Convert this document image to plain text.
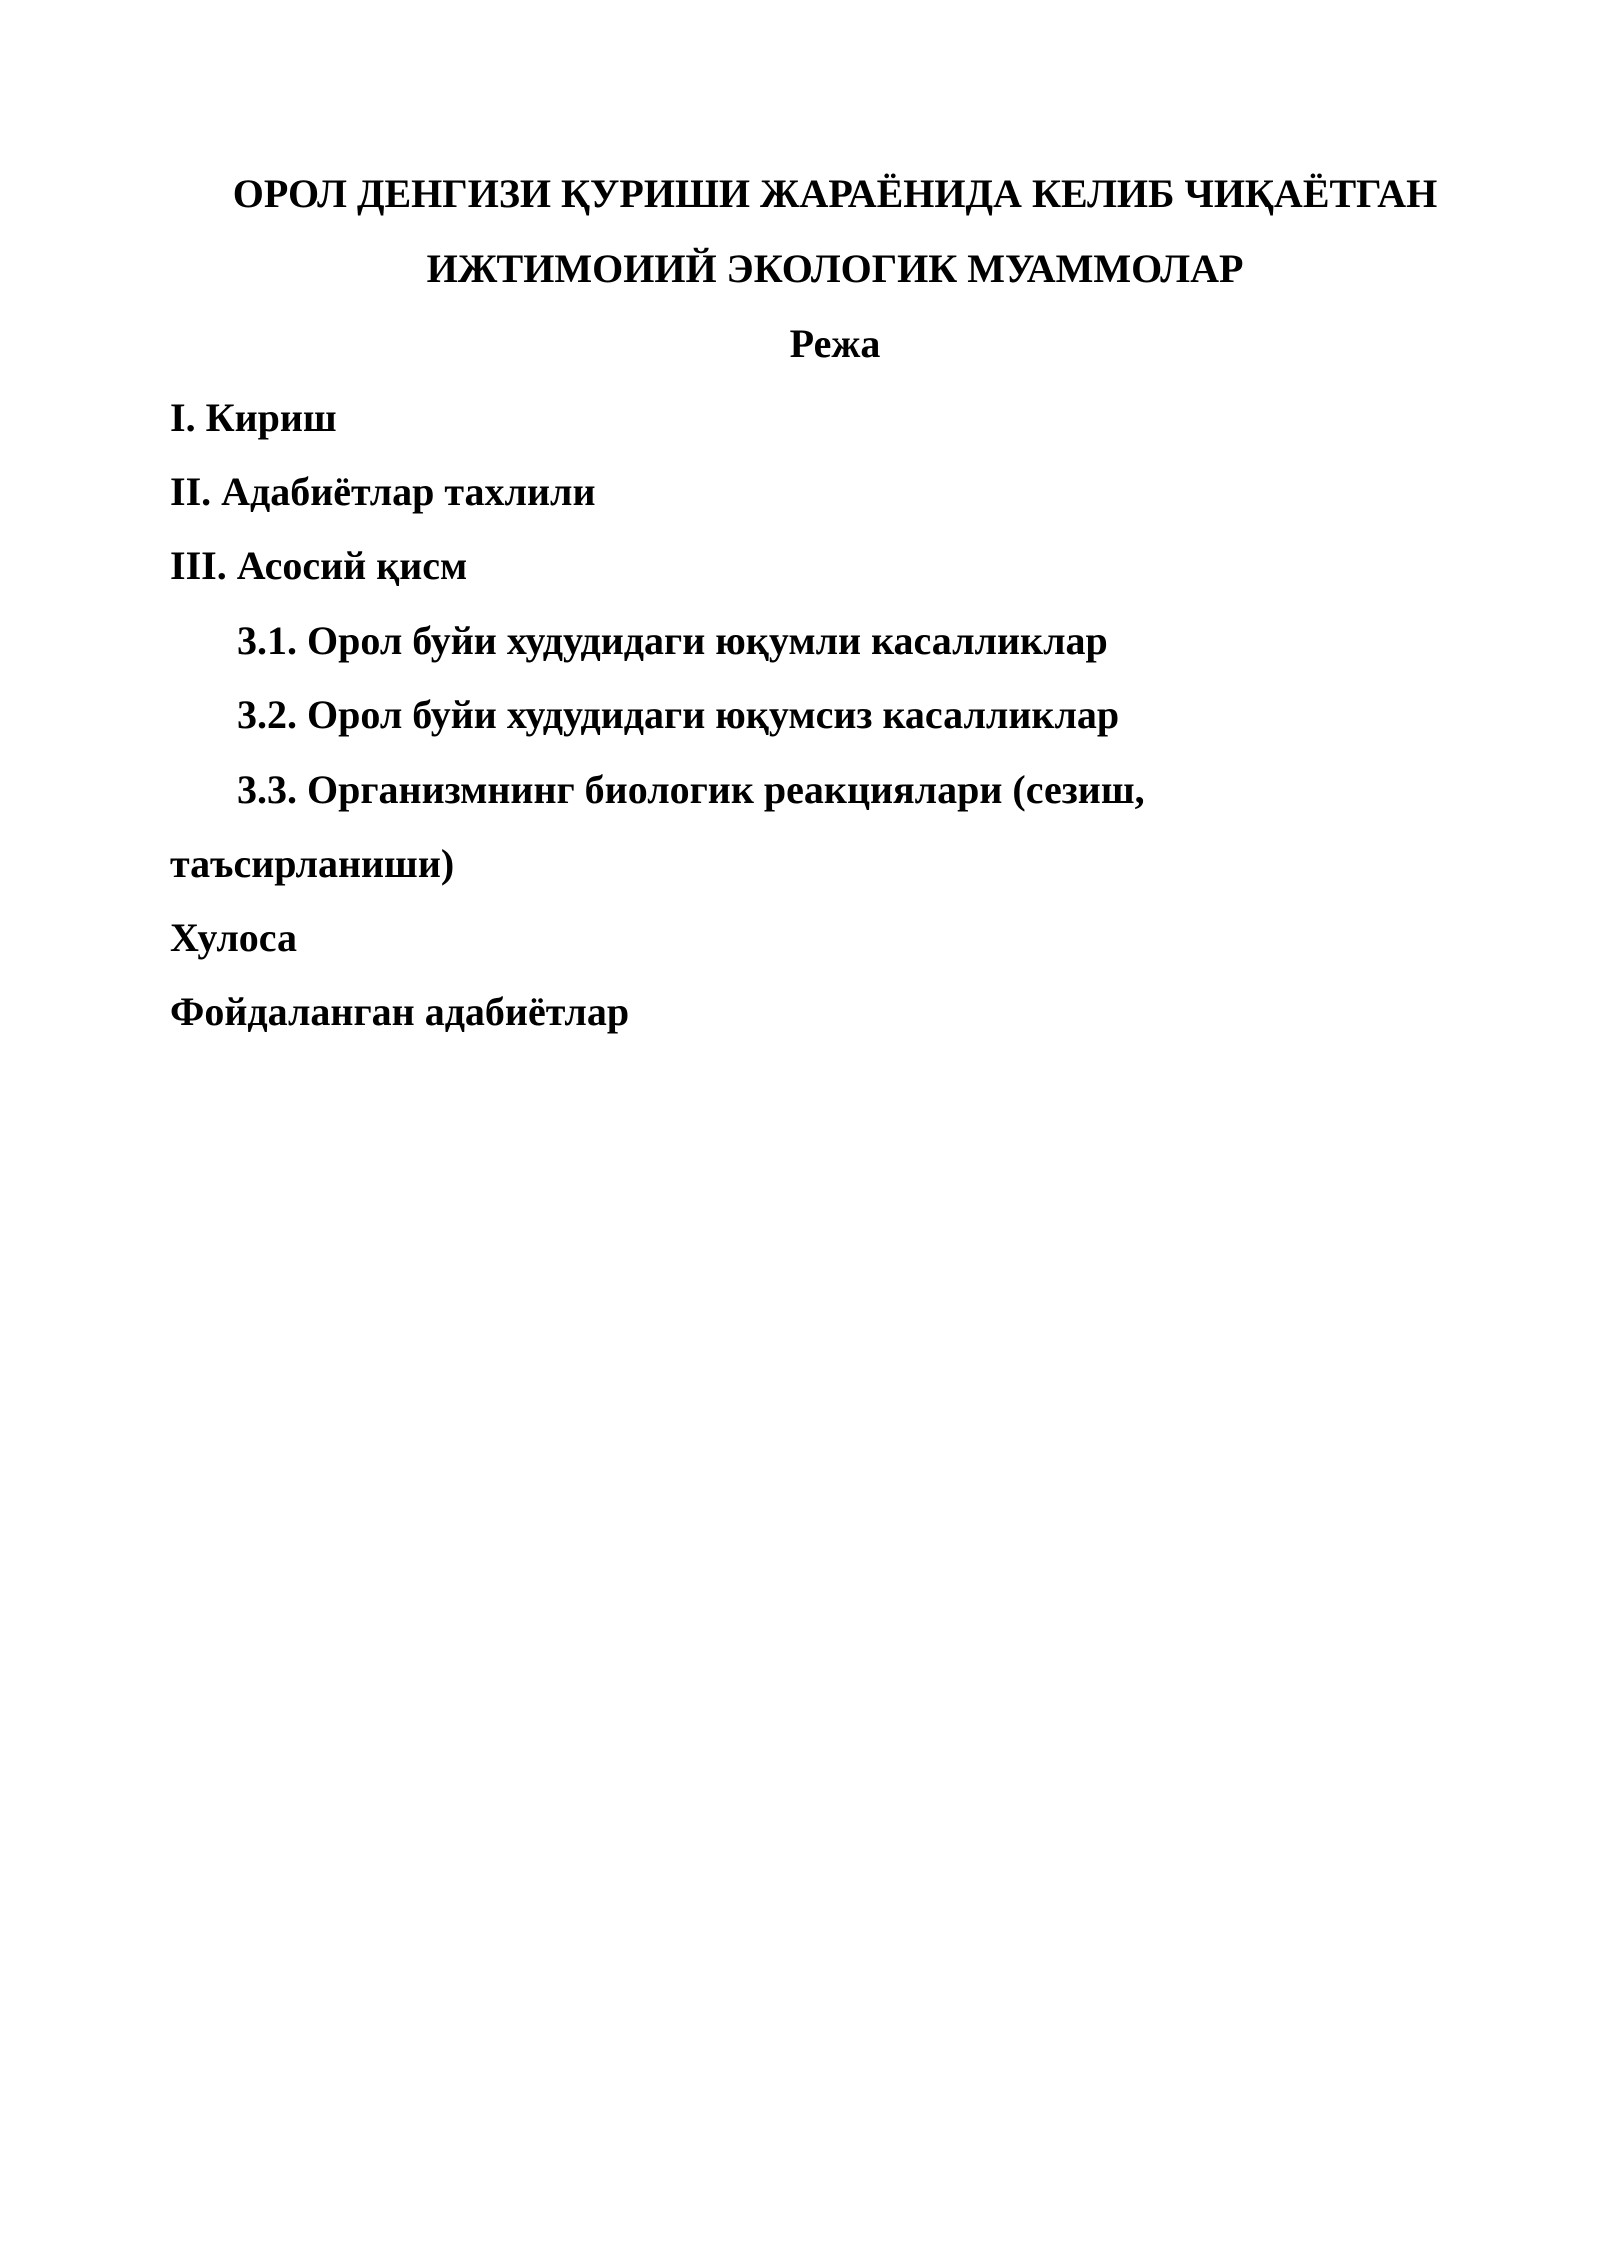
ОРОЛ ДЕНГИЗИ ҚУРИШИ ЖАРАЁНИДА КЕЛИБ ЧИҚАЁТГАН
ИЖТИМОИИЙ ЭКОЛОГИК МУАММОЛАР
Режа
I. Кириш
II. Адабиётлар тахлили
III. Асосий қисм
3.1. Орол буйи худудидаги юқумли касалликлар
3.2. Орол буйи худудидаги юқумсиз касалликлар
3.3. Организмнинг биологик реакциялари (сезиш,
таъсирланиши)
Хулоса
Фойдаланган адабиётлар
